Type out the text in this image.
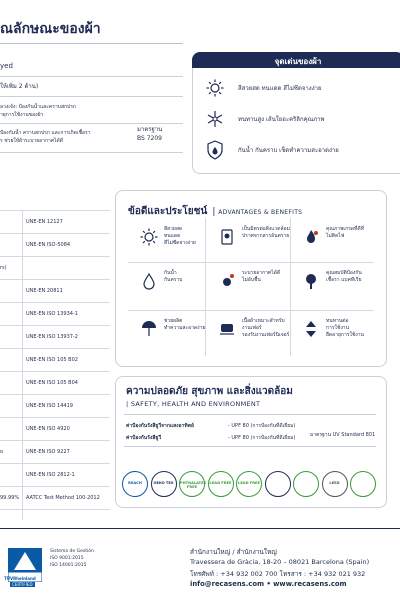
ณลักษณะของผ้า
yed
ให้เพิ่ม 2 ด้าน)
ลวงเจ้ง: ป้องกันน้ำและคราบสกปรก
ายุการใช้งานของผ้า
ป้องกันน้ำ คราบสกปรก และการเกิดเชื้อรา
ร ช่วยให้ผ้าระบายอากาศได้ดี
มาตรฐาน
BS 7209
จุดเด่นของผ้า
สีสวยสด ทนแดด สีไม่ซีดจางง่าย
ทนทานสูง เส้นใยอะคริลิกคุณภาพ
กันน้ำ กันคราบ เช็ดทำความสะอาดง่าย
UNE-EN 12127
UNE-EN ISO-5084
rs)
UNE-EN 20811
UNE-EN ISO 13934-1
UNE-EN ISO 13937-2
UNE-EN ISO 105 B02
UNE-EN ISO 105 B04
UNE-EN ISO 14419
UNE-EN ISO 4920
o	UNE-EN ISO 9227
UNE-EN ISO 2812-1
99.99% AATCC Test Method 100-2012
ข้อดีและประโยชน์ | ADVANTAGES & BENEFITS
สีสวยสด
ทนแดด
สีไม่ซีดจางง่าย
เป็นมิตรต่อสิ่งแวดล้อม
ปราศจากสารอันตราย
คุณภาพเกรดที่ดีที่
ไม่ติดไฟ
กันน้ำ
กันคราบ
ระบายอากาศได้ดี
ไม่อับชื้น
คุณสมบัติป้องกัน
เชื้อรา แบคทีเรีย
ช่วยผลิต
ทำความสะอาดง่าย
เนื้อผ้าเหมาะสำหรับ
งานเฟอร์
รองรับงานเฟอร์นิเจอร์
ทนทานต่อ
การใช้งาน
ยืดอายุการใช้งาน
ความปลอดภัย สุขภาพ และสิ่งแวดล้อม
| SAFETY, HEALTH AND ENVIRONMENT
ค่าป้องกันรังสียูวีจากแสงอาทิตย์	- UPF 80 (การป้องกันที่ดีเยี่ยม)
ค่าป้องกันรังสียูวี	- UPF 80 (การป้องกันที่ดีเยี่ยม)	มาตรฐาน UV Standard 801
REACH	OEKO TEX	PHTHALATES FREE
LEAD FREE LEAD FREE	LEED
TÜVRheinland
CERTIFIED
Sistema de Gestión
ISO 9001:2015
ISO 14001:2015
สำนักงานใหญ่ / สำนักงานใหญ่
Travessera de Gràcia, 18-20 – 08021 Barcelona (Spain)
โทรศัพท์ : +34 932 002 700 โทรสาร : +34 932 021 932
info@recasens.com • www.recasens.com
